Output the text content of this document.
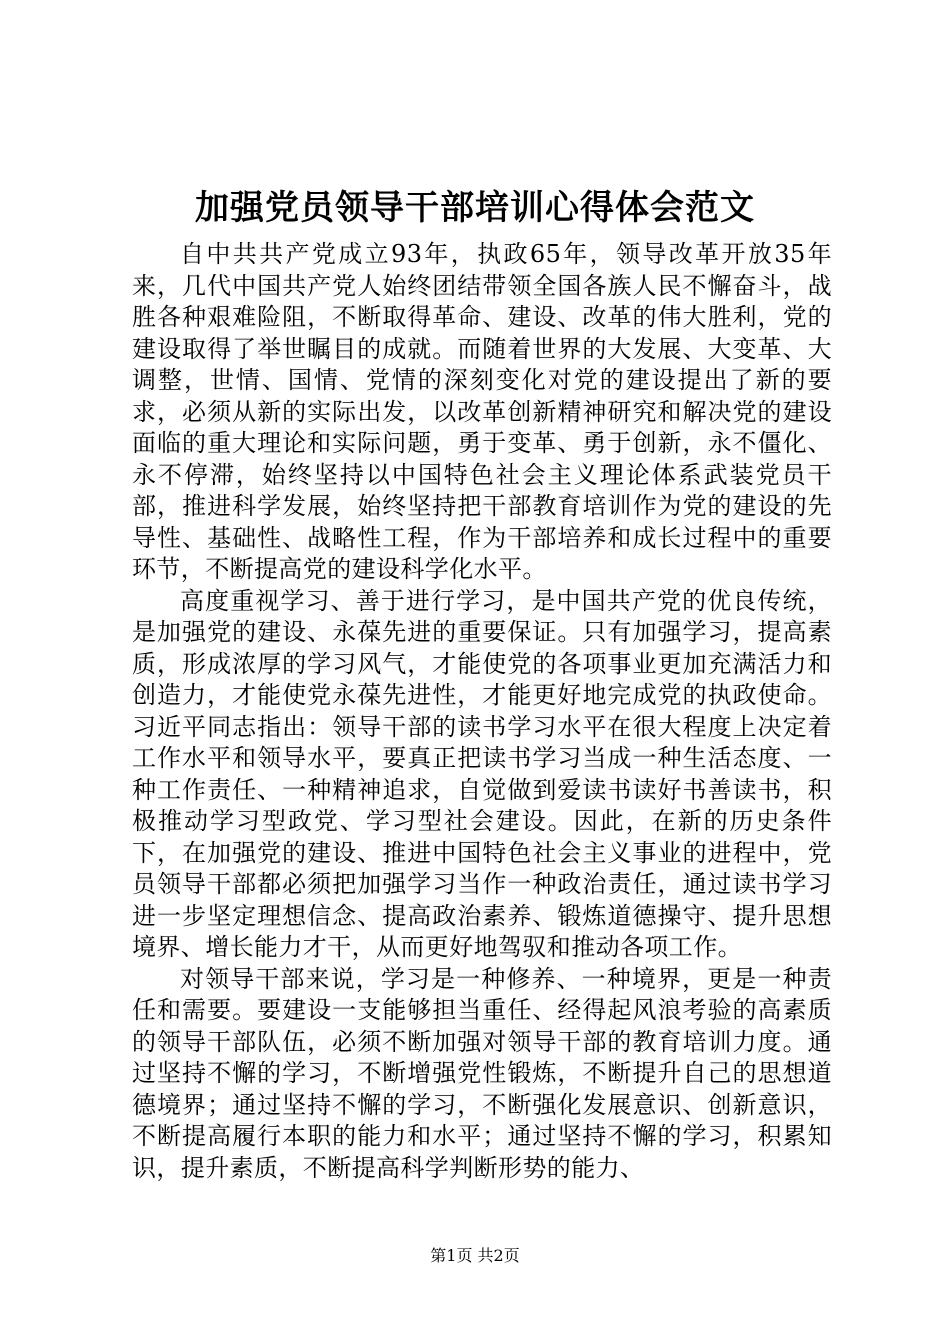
加强党员领导干部培训心得体会范文

自中共共产党成立93年，执政65年，领导改革开放35年来，几代中国共产党人始终团结带领全国各族人民不懈奋斗，战胜各种艰难险阻，不断取得革命、建设、改革的伟大胜利，党的建设取得了举世瞩目的成就。而随着世界的大发展、大变革、大调整，世情、国情、党情的深刻变化对党的建设提出了新的要求，必须从新的实际出发，以改革创新精神研究和解决党的建设面临的重大理论和实际问题，勇于变革、勇于创新，永不僵化、永不停滞，始终坚持以中国特色社会主义理论体系武装党员干部，推进科学发展，始终坚持把干部教育培训作为党的建设的先导性、基础性、战略性工程，作为干部培养和成长过程中的重要环节，不断提高党的建设科学化水平。

高度重视学习、善于进行学习，是中国共产党的优良传统，是加强党的建设、永葆先进的重要保证。只有加强学习，提高素质，形成浓厚的学习风气，才能使党的各项事业更加充满活力和创造力，才能使党永葆先进性，才能更好地完成党的执政使命。习近平同志指出：领导干部的读书学习水平在很大程度上决定着工作水平和领导水平，要真正把读书学习当成一种生活态度、一种工作责任、一种精神追求，自觉做到爱读书读好书善读书，积极推动学习型政党、学习型社会建设。因此，在新的历史条件下，在加强党的建设、推进中国特色社会主义事业的进程中，党员领导干部都必须把加强学习当作一种政治责任，通过读书学习进一步坚定理想信念、提高政治素养、锻炼道德操守、提升思想境界、增长能力才干，从而更好地驾驭和推动各项工作。

对领导干部来说，学习是一种修养、一种境界，更是一种责任和需要。要建设一支能够担当重任、经得起风浪考验的高素质的领导干部队伍，必须不断加强对领导干部的教育培训力度。通过坚持不懈的学习，不断增强党性锻炼，不断提升自己的思想道德境界；通过坚持不懈的学习，不断强化发展意识、创新意识，不断提高履行本职的能力和水平；通过坚持不懈的学习，积累知识，提升素质，不断提高科学判断形势的能力、

第1页 共2页
